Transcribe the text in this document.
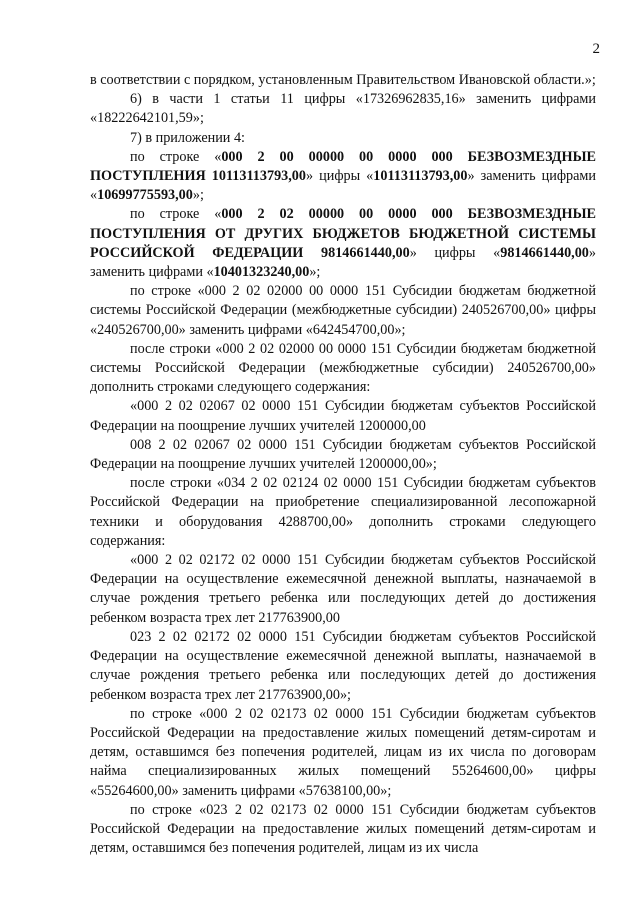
2

в соответствии с порядком, установленным Правительством Ивановской области.»;

6) в части 1 статьи 11 цифры «17326962835,16» заменить цифрами «18222642101,59»;

7) в приложении 4:

по строке «000 2 00 00000 00 0000 000 БЕЗВОЗМЕЗДНЫЕ ПОСТУПЛЕНИЯ 10113113793,00» цифры «10113113793,00» заменить цифрами «10699775593,00»;

по строке «000 2 02 00000 00 0000 000 БЕЗВОЗМЕЗДНЫЕ ПОСТУПЛЕНИЯ ОТ ДРУГИХ БЮДЖЕТОВ БЮДЖЕТНОЙ СИСТЕМЫ РОССИЙСКОЙ ФЕДЕРАЦИИ 9814661440,00» цифры «9814661440,00» заменить цифрами «10401323240,00»;

по строке «000 2 02 02000 00 0000 151 Субсидии бюджетам бюджетной системы Российской Федерации (межбюджетные субсидии) 240526700,00» цифры «240526700,00» заменить цифрами «642454700,00»;

после строки «000 2 02 02000 00 0000 151 Субсидии бюджетам бюджетной системы Российской Федерации (межбюджетные субсидии) 240526700,00» дополнить строками следующего содержания:

«000 2 02 02067 02 0000 151 Субсидии бюджетам субъектов Российской Федерации на поощрение лучших учителей 1200000,00

008 2 02 02067 02 0000 151 Субсидии бюджетам субъектов Российской Федерации на поощрение лучших учителей 1200000,00»;

после строки «034 2 02 02124 02 0000 151 Субсидии бюджетам субъектов Российской Федерации на приобретение специализированной лесопожарной техники и оборудования 4288700,00» дополнить строками следующего содержания:

«000 2 02 02172 02 0000 151 Субсидии бюджетам субъектов Российской Федерации на осуществление ежемесячной денежной выплаты, назначаемой в случае рождения третьего ребенка или последующих детей до достижения ребенком возраста трех лет 217763900,00

023 2 02 02172 02 0000 151 Субсидии бюджетам субъектов Российской Федерации на осуществление ежемесячной денежной выплаты, назначаемой в случае рождения третьего ребенка или последующих детей до достижения ребенком возраста трех лет 217763900,00»;

по строке «000 2 02 02173 02 0000 151 Субсидии бюджетам субъектов Российской Федерации на предоставление жилых помещений детям-сиротам и детям, оставшимся без попечения родителей, лицам из их числа по договорам найма специализированных жилых помещений 55264600,00» цифры «55264600,00» заменить цифрами «57638100,00»;

по строке «023 2 02 02173 02 0000 151 Субсидии бюджетам субъектов Российской Федерации на предоставление жилых помещений детям-сиротам и детям, оставшимся без попечения родителей, лицам из их числа
